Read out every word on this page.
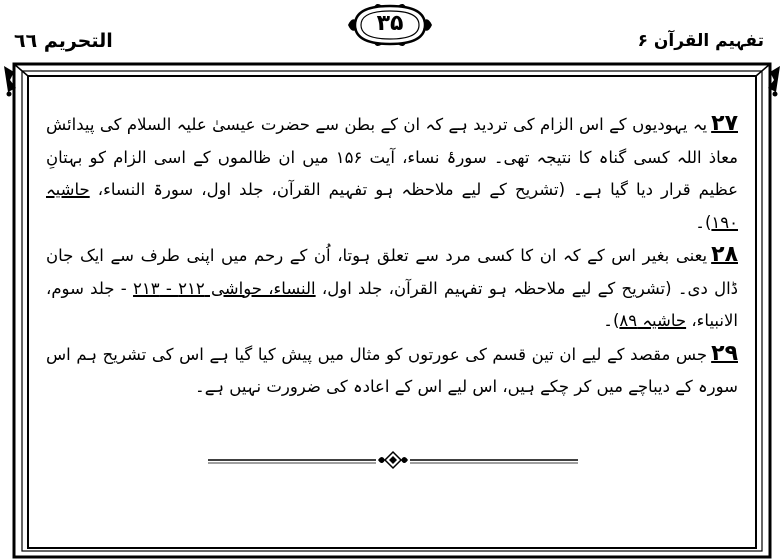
التحریم ٦٦
۳۵
تفہیم القرآن ۶

۲۷یہ یہودیوں کے اس الزام کی تردید ہے کہ ان کے بطن سے حضرت عیسیٰ علیہ السلام کی پیدائش معاذ اللہ کسی گناہ کا نتیجہ تھی۔ سورۂ نساء، آیت ۱۵۶ میں ان ظالموں کے اسی الزام کو بہتانِ عظیم قرار دیا گیا ہے۔ (تشریح کے لیے ملاحظہ ہو تفہیم القرآن، جلد اول، سورۃ النساء، حاشیہ ۱۹۰)۔

۲۸یعنی بغیر اس کے کہ ان کا کسی مرد سے تعلق ہوتا، اُن کے رحم میں اپنی طرف سے ایک جان ڈال دی۔ (تشریح کے لیے ملاحظہ ہو تفہیم القرآن، جلد اول، النساء، حواشی ۲۱۲ - ۲۱۳ - جلد سوم، الانبیاء، حاشیہ ۸۹)۔

۲۹جس مقصد کے لیے ان تین قسم کی عورتوں کو مثال میں پیش کیا گیا ہے اس کی تشریح ہم اس سورہ کے دیباچے میں کر چکے ہیں، اس لیے اس کے اعادہ کی ضرورت نہیں ہے۔
